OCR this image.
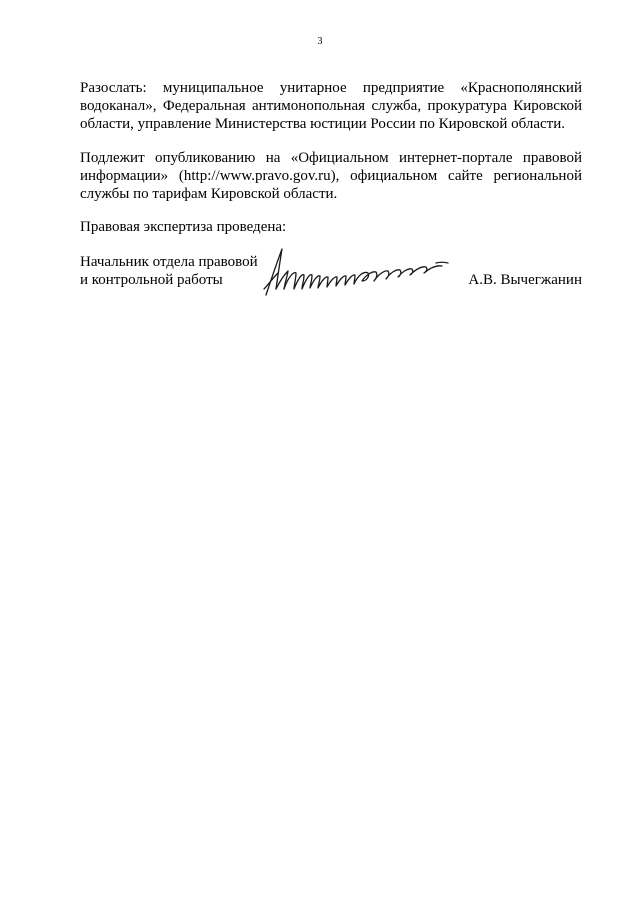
3
Разослать: муниципальное унитарное предприятие «Краснополянский
водоканал», Федеральная антимонопольная служба, прокуратура Кировской
области, управление Министерства юстиции России по Кировской области.
Подлежит опубликованию на «Официальном интернет-портале правовой
информации» (http://www.pravo.gov.ru), официальном сайте региональной
службы по тарифам Кировской области.
Правовая экспертиза проведена:
Начальник отдела правовой
и контрольной работы	А.В. Вычегжанин
